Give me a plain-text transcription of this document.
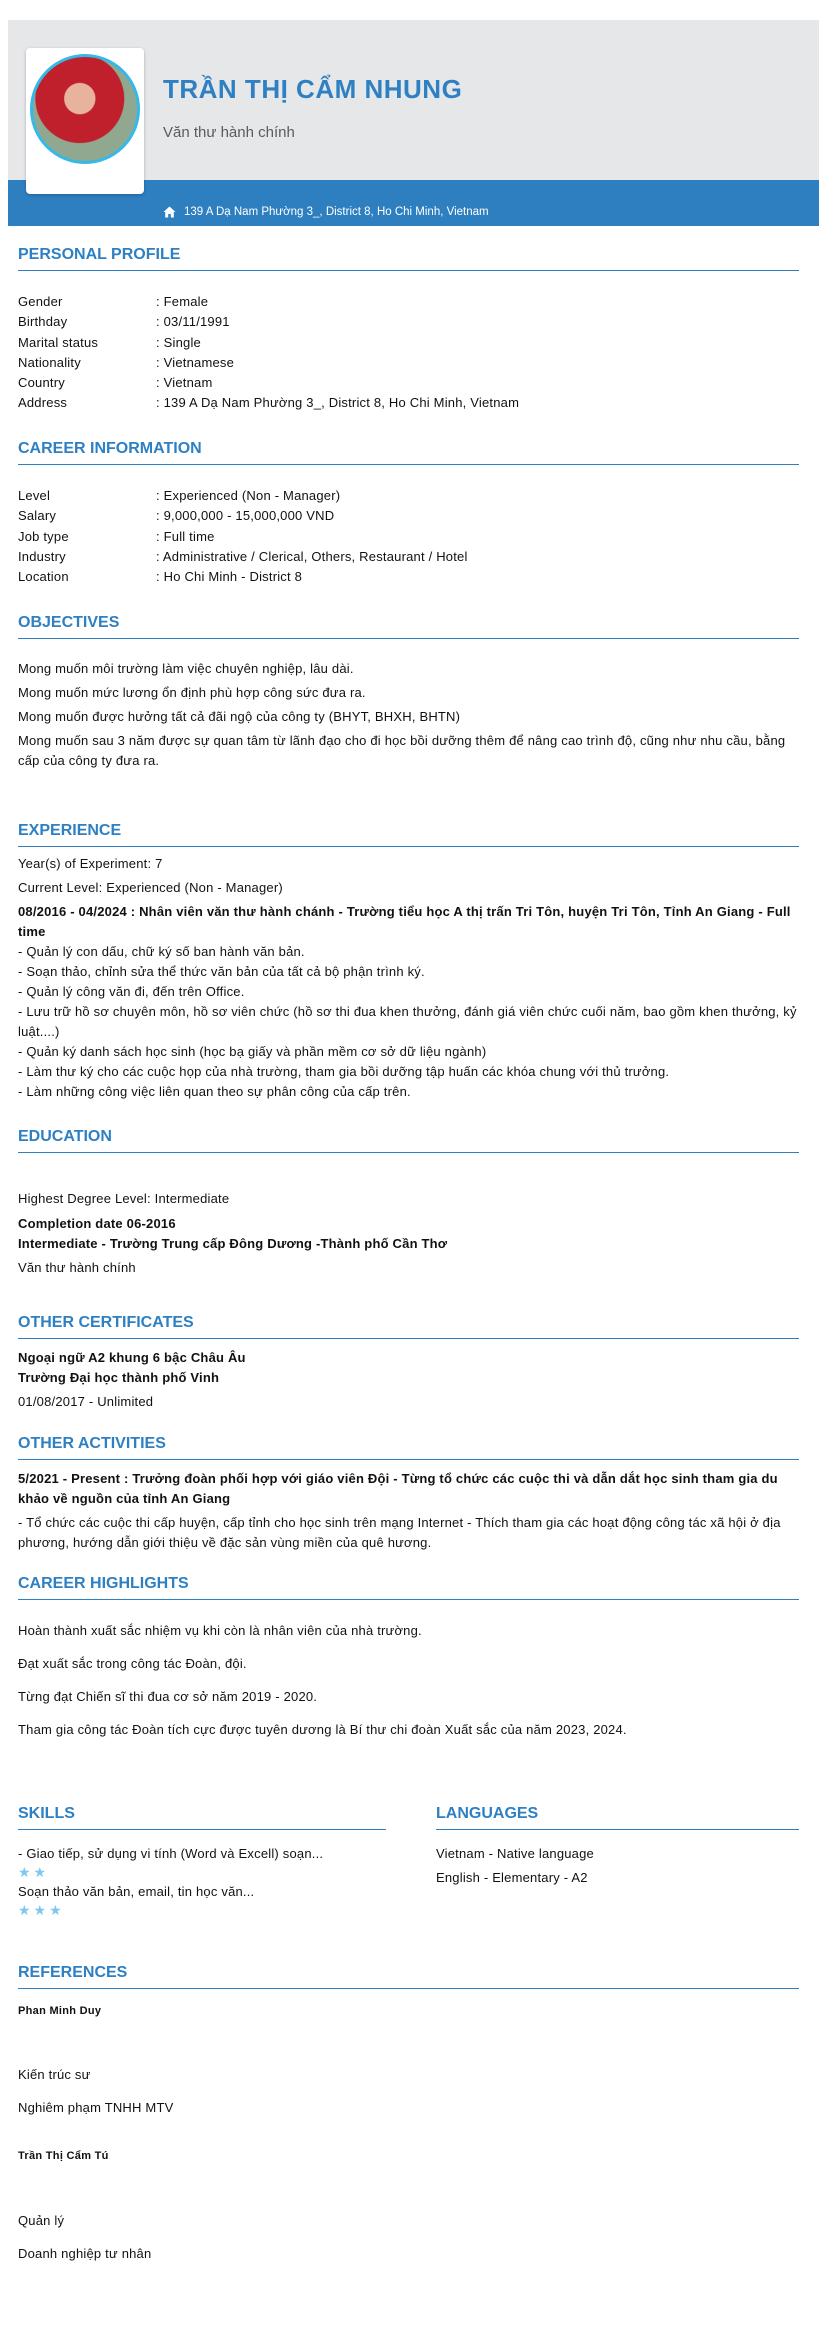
TRẦN THỊ CẨM NHUNG
Văn thư hành chính
139 A Dạ Nam Phường 3_, District 8, Ho Chi Minh, Vietnam
PERSONAL PROFILE
Gender	: Female
Birthday	: 03/11/1991
Marital status	: Single
Nationality	: Vietnamese
Country	: Vietnam
Address	: 139 A Dạ Nam Phường 3_, District 8, Ho Chi Minh, Vietnam
CAREER INFORMATION
Level	: Experienced (Non - Manager)
Salary	: 9,000,000 - 15,000,000 VND
Job type	: Full time
Industry	: Administrative / Clerical, Others, Restaurant / Hotel
Location	: Ho Chi Minh - District 8
OBJECTIVES

Mong muốn môi trường làm việc chuyên nghiệp, lâu dài.

Mong muốn mức lương ổn định phù hợp công sức đưa ra.

Mong muốn được hưởng tất cả đãi ngộ của công ty (BHYT, BHXH, BHTN)

Mong muốn sau 3 năm được sự quan tâm từ lãnh đạo cho đi học bồi dưỡng thêm để nâng cao trình độ, cũng như nhu cầu, bằng cấp của công ty đưa ra.

EXPERIENCE

Year(s) of Experiment: 7

Current Level: Experienced (Non - Manager)

08/2016 - 04/2024 : Nhân viên văn thư hành chánh - Trường tiểu học A thị trấn Tri Tôn, huyện Tri Tôn, Tỉnh An Giang - Full time

- Quản lý con dấu, chữ ký số ban hành văn bản.

- Soạn thảo, chỉnh sửa thể thức văn bản của tất cả bộ phận trình ký.

- Quản lý công văn đi, đến trên Office.

- Lưu trữ hồ sơ chuyên môn, hồ sơ viên chức (hồ sơ thi đua khen thưởng, đánh giá viên chức cuối năm, bao gồm khen thưởng, kỷ luật....)

- Quản ký danh sách học sinh (học bạ giấy và phần mềm cơ sở dữ liệu ngành)

- Làm thư ký cho các cuộc họp của nhà trường, tham gia bồi dưỡng tập huấn các khóa chung với thủ trưởng.

- Làm những công việc liên quan theo sự phân công của cấp trên.

EDUCATION

Highest Degree Level: Intermediate

Completion date 06-2016

Intermediate - Trường Trung cấp Đông Dương -Thành phố Cần Thơ

Văn thư hành chính

OTHER CERTIFICATES

Ngoại ngữ A2 khung 6 bậc Châu Âu

Trường Đại học thành phố Vinh

01/08/2017 - Unlimited

OTHER ACTIVITIES

5/2021 - Present : Trưởng đoàn phối hợp với giáo viên Đội - Từng tổ chức các cuộc thi và dẫn dắt học sinh tham gia du khảo về nguồn của tỉnh An Giang

- Tổ chức các cuộc thi cấp huyện, cấp tỉnh cho học sinh trên mạng Internet - Thích tham gia các hoạt động công tác xã hội ở địa phương, hướng dẫn giới thiệu về đặc sản vùng miền của quê hương.

CAREER HIGHLIGHTS

Hoàn thành xuất sắc nhiệm vụ khi còn là nhân viên của nhà trường.

Đạt xuất sắc trong công tác Đoàn, đội.

Từng đạt Chiến sĩ thi đua cơ sở năm 2019 - 2020.

Tham gia công tác Đoàn tích cực được tuyên dương là Bí thư chi đoàn Xuất sắc của năm 2023, 2024.

SKILLS

- Giao tiếp, sử dụng vi tính (Word và Excell) soạn...

★★

Soạn thảo văn bản, email, tin học văn...

★★★
LANGUAGES

Vietnam - Native language

English - Elementary - A2

REFERENCES
Phan Minh Duy

Kiến trúc sư

Nghiêm phạm TNHH MTV

Trần Thị Cẩm Tú

Quản lý

Doanh nghiệp tư nhân
